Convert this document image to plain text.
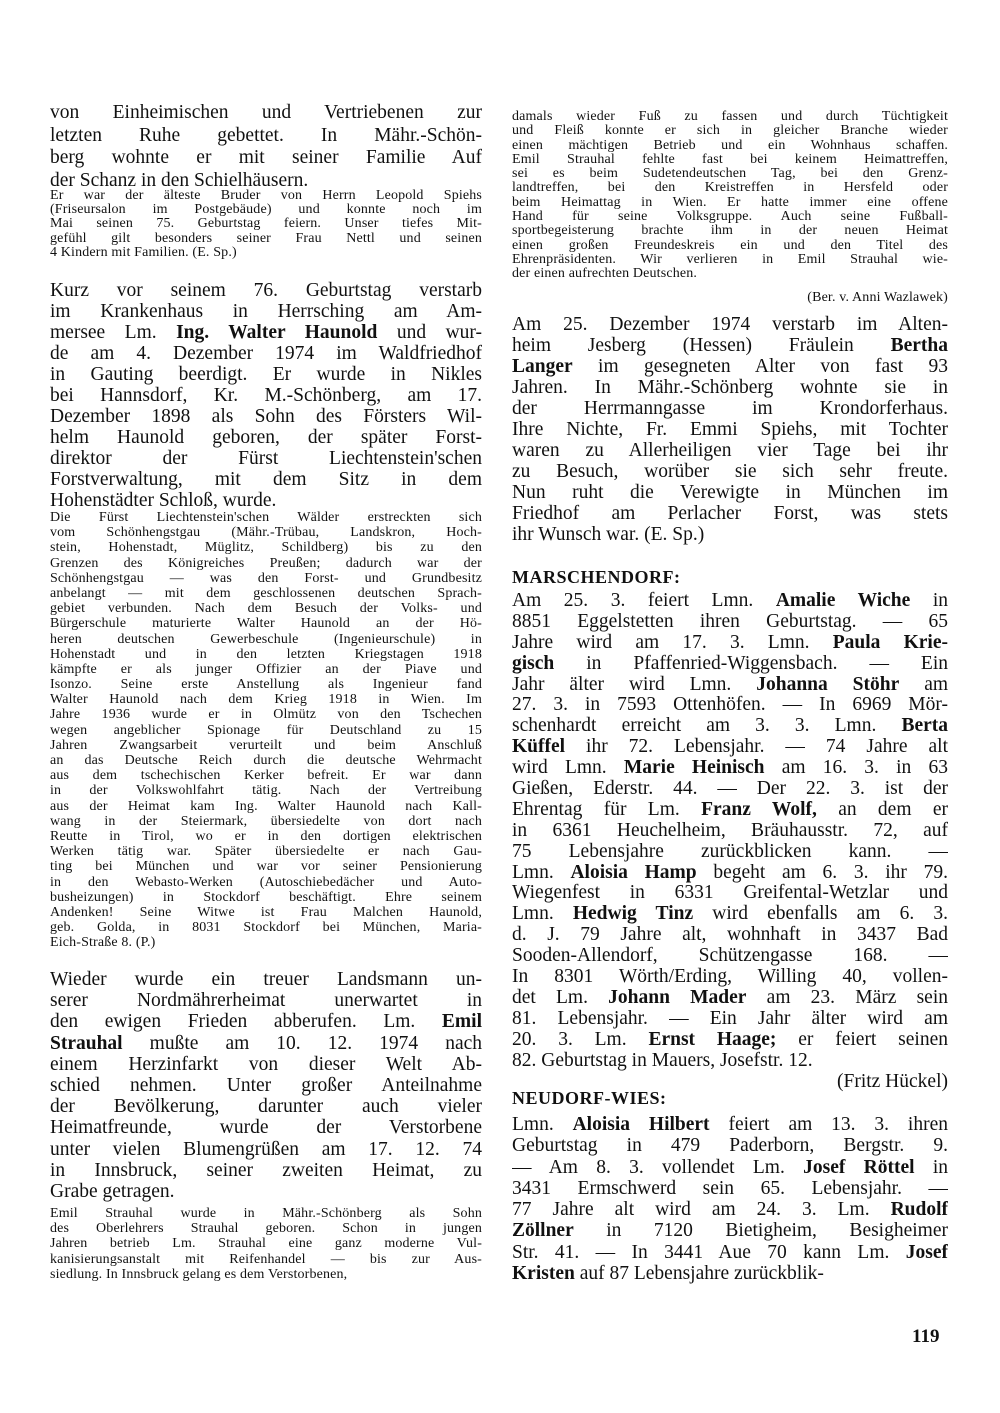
von Einheimischen und Vertriebenen zur
letzten Ruhe gebettet. In Mähr.-Schön-
berg wohnte er mit seiner Familie Auf
der Schanz in den Schielhäusern.
Er war der älteste Bruder von Herrn Leopold Spiehs
(Friseursalon im Postgebäude) und konnte noch im
Mai seinen 75. Geburtstag feiern. Unser tiefes Mit-
gefühl gilt besonders seiner Frau Nettl und seinen
4 Kindern mit Familien. (E. Sp.)
Kurz vor seinem 76. Geburtstag verstarb
im Krankenhaus in Herrsching am Am-
mersee Lm. Ing. Walter Haunold und wur-
de am 4. Dezember 1974 im Waldfriedhof
in Gauting beerdigt. Er wurde in Nikles
bei Hannsdorf, Kr. M.-Schönberg, am 17.
Dezember 1898 als Sohn des Försters Wil-
helm Haunold geboren, der später Forst-
direktor der Fürst Liechtenstein'schen
Forstverwaltung, mit dem Sitz in dem
Hohenstädter Schloß, wurde.
Die Fürst Liechtenstein'schen Wälder erstreckten sich
vom Schönhengstgau (Mähr.-Trübau, Landskron, Hoch-
stein, Hohenstadt, Müglitz, Schildberg) bis zu den
Grenzen des Königreiches Preußen; dadurch war der
Schönhengstgau — was den Forst- und Grundbesitz
anbelangt — mit dem geschlossenen deutschen Sprach-
gebiet verbunden. Nach dem Besuch der Volks- und
Bürgerschule maturierte Walter Haunold an der Hö-
heren deutschen Gewerbeschule (Ingenieurschule) in
Hohenstadt und in den letzten Kriegstagen 1918
kämpfte er als junger Offizier an der Piave und
Isonzo. Seine erste Anstellung als Ingenieur fand
Walter Haunold nach dem Krieg 1918 in Wien. Im
Jahre 1936 wurde er in Olmütz von den Tschechen
wegen angeblicher Spionage für Deutschland zu 15
Jahren Zwangsarbeit verurteilt und beim Anschluß
an das Deutsche Reich durch die deutsche Wehrmacht
aus dem tschechischen Kerker befreit. Er war dann
in der Volkswohlfahrt tätig. Nach der Vertreibung
aus der Heimat kam Ing. Walter Haunold nach Kall-
wang in der Steiermark, übersiedelte von dort nach
Reutte in Tirol, wo er in den dortigen elektrischen
Werken tätig war. Später übersiedelte er nach Gau-
ting bei München und war vor seiner Pensionierung
in den Webasto-Werken (Autoschiebedächer und Auto-
busheizungen) in Stockdorf beschäftigt. Ehre seinem
Andenken! Seine Witwe ist Frau Malchen Haunold,
geb. Golda, in 8031 Stockdorf bei München, Maria-
Eich-Straße 8. (P.)
Wieder wurde ein treuer Landsmann un-
serer Nordmährerheimat unerwartet in
den ewigen Frieden abberufen. Lm. Emil
Strauhal mußte am 10. 12. 1974 nach
einem Herzinfarkt von dieser Welt Ab-
schied nehmen. Unter großer Anteilnahme
der Bevölkerung, darunter auch vieler
Heimatfreunde, wurde der Verstorbene
unter vielen Blumengrüßen am 17. 12. 74
in Innsbruck, seiner zweiten Heimat, zu
Grabe getragen.
Emil Strauhal wurde in Mähr.-Schönberg als Sohn
des Oberlehrers Strauhal geboren. Schon in jungen
Jahren betrieb Lm. Strauhal eine ganz moderne Vul-
kanisierungsanstalt mit Reifenhandel — bis zur Aus-
siedlung. In Innsbruck gelang es dem Verstorbenen,
damals wieder Fuß zu fassen und durch Tüchtigkeit
und Fleiß konnte er sich in gleicher Branche wieder
einen mächtigen Betrieb und ein Wohnhaus schaffen.
Emil Strauhal fehlte fast bei keinem Heimattreffen,
sei es beim Sudetendeutschen Tag, bei den Grenz-
landtreffen, bei den Kreistreffen in Hersfeld oder
beim Heimattag in Wien. Er hatte immer eine offene
Hand für seine Volksgruppe. Auch seine Fußball-
sportbegeisterung brachte ihm in der neuen Heimat
einen großen Freundeskreis ein und den Titel des
Ehrenpräsidenten. Wir verlieren in Emil Strauhal wie-
der einen aufrechten Deutschen.
(Ber. v. Anni Wazlawek)
Am 25. Dezember 1974 verstarb im Alten-
heim Jesberg (Hessen) Fräulein Bertha
Langer im gesegneten Alter von fast 93
Jahren. In Mähr.-Schönberg wohnte sie in
der Herrmanngasse im Krondorferhaus.
Ihre Nichte, Fr. Emmi Spiehs, mit Tochter
waren zu Allerheiligen vier Tage bei ihr
zu Besuch, worüber sie sich sehr freute.
Nun ruht die Verewigte in München im
Friedhof am Perlacher Forst, was stets
ihr Wunsch war. (E. Sp.)
MARSCHENDORF:
Am 25. 3. feiert Lmn. Amalie Wiche in
8851 Eggelstetten ihren Geburtstag. — 65
Jahre wird am 17. 3. Lmn. Paula Krie-
gisch in Pfaffenried-Wiggensbach. — Ein
Jahr älter wird Lmn. Johanna Stöhr am
27. 3. in 7593 Ottenhöfen. — In 6969 Mör-
schenhardt erreicht am 3. 3. Lmn. Berta
Küffel ihr 72. Lebensjahr. — 74 Jahre alt
wird Lmn. Marie Heinisch am 16. 3. in 63
Gießen, Ederstr. 44. — Der 22. 3. ist der
Ehrentag für Lm. Franz Wolf, an dem er
in 6361 Heuchelheim, Bräuhausstr. 72, auf
75 Lebensjahre zurückblicken kann. —
Lmn. Aloisia Hamp begeht am 6. 3. ihr 79.
Wiegenfest in 6331 Greifental-Wetzlar und
Lmn. Hedwig Tinz wird ebenfalls am 6. 3.
d. J. 79 Jahre alt, wohnhaft in 3437 Bad
Sooden-Allendorf, Schützengasse 168. —
In 8301 Wörth/Erding, Willing 40, vollen-
det Lm. Johann Mader am 23. März sein
81. Lebensjahr. — Ein Jahr älter wird am
20. 3. Lm. Ernst Haage; er feiert seinen
82. Geburtstag in Mauers, Josefstr. 12.
(Fritz Hückel)
NEUDORF-WIES:
Lmn. Aloisia Hilbert feiert am 13. 3. ihren
Geburtstag in 479 Paderborn, Bergstr. 9.
— Am 8. 3. vollendet Lm. Josef Röttel in
3431 Ermschwerd sein 65. Lebensjahr. —
77 Jahre alt wird am 24. 3. Lm. Rudolf
Zöllner in 7120 Bietigheim, Besigheimer
Str. 41. — In 3441 Aue 70 kann Lm. Josef
Kristen auf 87 Lebensjahre zurückblik-
119
